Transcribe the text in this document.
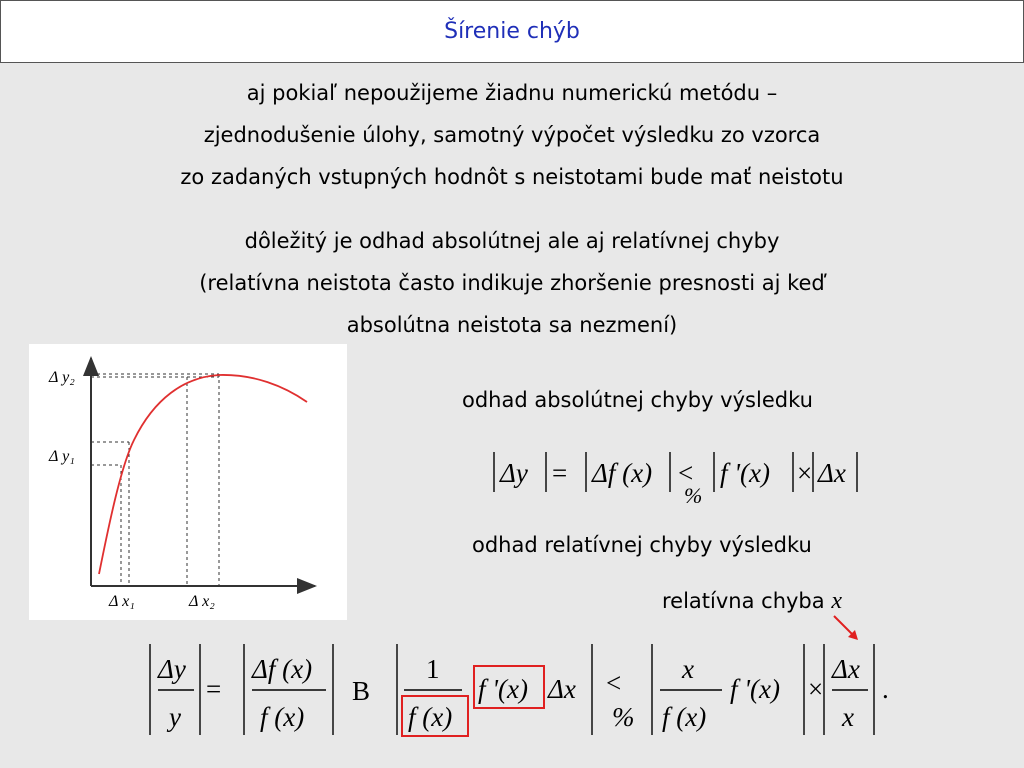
Šírenie chýb
aj pokiaľ nepoužijeme žiadnu numerickú metódu –
zjednodušenie úlohy, samotný výpočet výsledku zo vzorca
zo zadaných vstupných hodnôt s neistotami bude mať neistotu
dôležitý je odhad absolútnej ale aj relatívnej chyby
(relatívna neistota často indikuje zhoršenie presnosti aj keď
absolútna neistota sa nezmení)
Δ y₂
Δ y₁
Δ x₁	Δ x₂
odhad absolútnej chyby výsledku
Δy = Δf (x) <
%
f '(x) × Δx
odhad relatívnej chyby výsledku
relatívna chyba x
Δy
y
=
Δf (x)
f (x)
B
1
f (x)
f '(x) Δx <
%
x
f (x)
f '(x) ×
Δx
x
.
